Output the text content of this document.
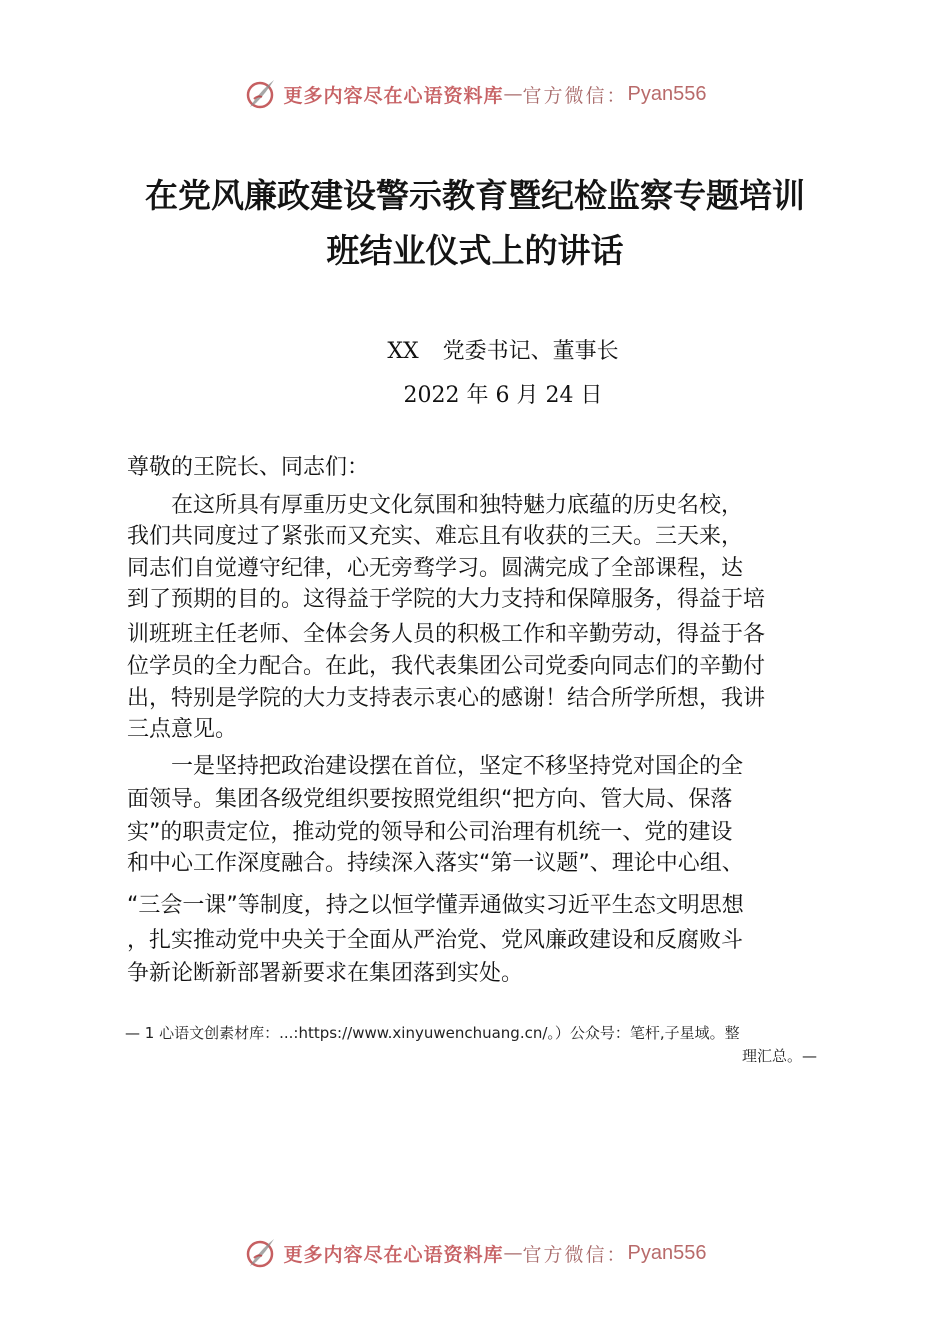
更多内容尽在心语资料库 — 官方微信： Pyan556
在党风廉政建设警示教育暨纪检监察专题培训
班结业仪式上的讲话
XX 党委书记、董事长
2022 年 6 月 24 日
尊敬的王院长、同志们：
在这所具有厚重历史文化氛围和独特魅力底蕴的历史名校，
我们共同度过了紧张而又充实、难忘且有收获的三天。三天来，
同志们自觉遵守纪律，心无旁骛学习。圆满完成了全部课程，达
到了预期的目的。这得益于学院的大力支持和保障服务，得益于培
训班班主任老师、全体会务人员的积极工作和辛勤劳动，得益于各
位学员的全力配合。在此，我代表集团公司党委向同志们的辛勤付
出，特别是学院的大力支持表示衷心的感谢！结合所学所想，我讲
三点意见。
一是坚持把政治建设摆在首位，坚定不移坚持党对国企的全
面领导。集团各级党组织要按照党组织“把方向、管大局、保落
实”的职责定位，推动党的领导和公司治理有机统一、党的建设
和中心工作深度融合。持续深入落实“第一议题”、理论中心组、
“三会一课”等制度，持之以恒学懂弄通做实习近平生态文明思想
，扎实推动党中央关于全面从严治党、党风廉政建设和反腐败斗
争新论断新部署新要求在集团落到实处。
— 1 心语文创素材库：...:https://www.xinyuwenchuang.cn/。）公众号：笔杆,子星域。整
理汇总。—
更多内容尽在心语资料库 — 官方微信： Pyan556
